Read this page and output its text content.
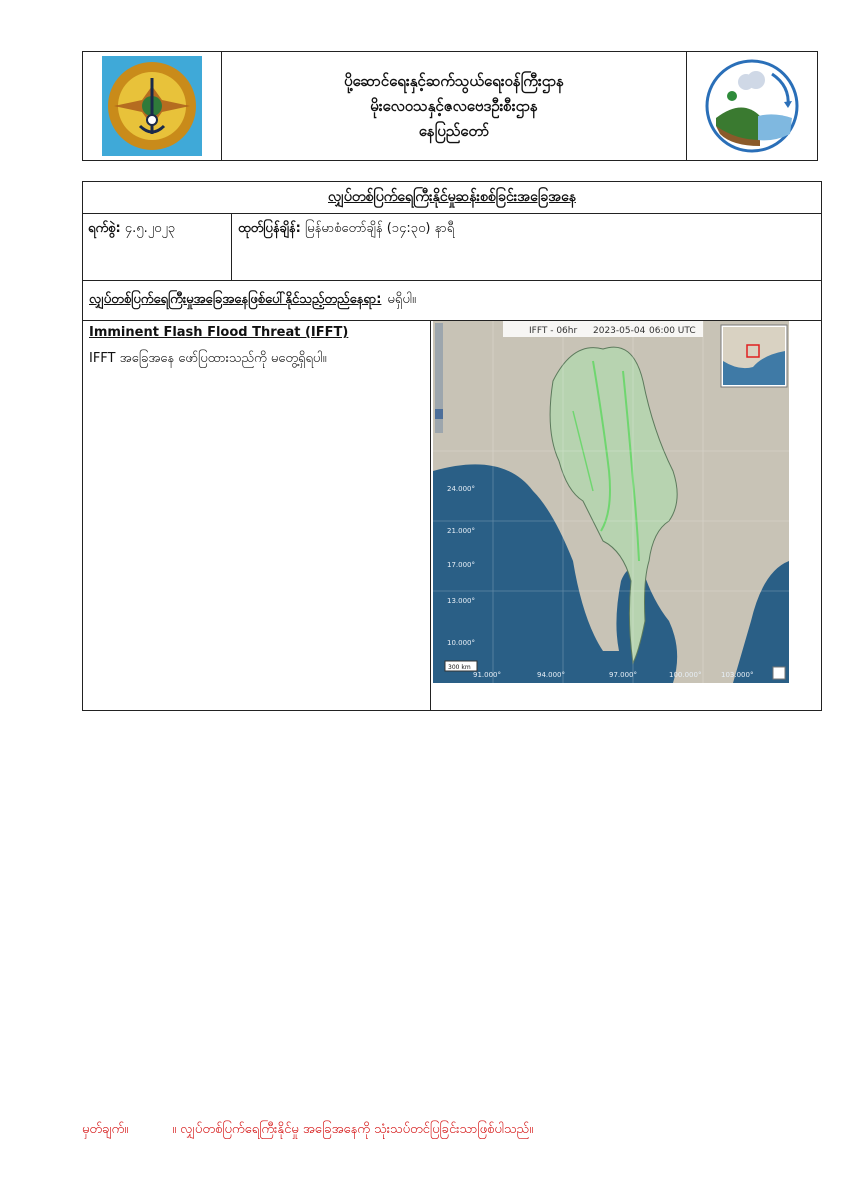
ပို့ဆောင်ရေးနှင့်ဆက်သွယ်ရေးဝန်ကြီးဌာန
မိုးလေဝသနှင့်ဇလဗေဒဦးစီးဌာန
နေပြည်တော်
လျှပ်တစ်ပြက်ရေကြီးနိုင်မှုဆန်းစစ်ခြင်းအခြေအနေ
ရက်စွဲ: ၄.၅.၂၀၂၃	ထုတ်ပြန်ချိန်: မြန်မာစံတော်ချိန် (၁၄:၃၀) နာရီ
လျှပ်တစ်ပြက်ရေကြီးမှုအခြေအနေဖြစ်ပေါ်နိုင်သည့်တည်နေရာ: မရှိပါ။
Imminent Flash Flood Threat (IFFT)
IFFT အခြေအနေ ဖော်ပြထားသည်ကို မတွေ့ရှိရပါ။
IFFT - 06hr 2023-05-04 06:00 UTC
24.000°
21.000°
17.000°
13.000°
10.000°
91.000°	94.000°	97.000°	100.000°	103.000°
300 km
မှတ်ချက်။	။ လျှပ်တစ်ပြက်ရေကြီးနိုင်မှု အခြေအနေကို သုံးသပ်တင်ပြခြင်းသာဖြစ်ပါသည်။
